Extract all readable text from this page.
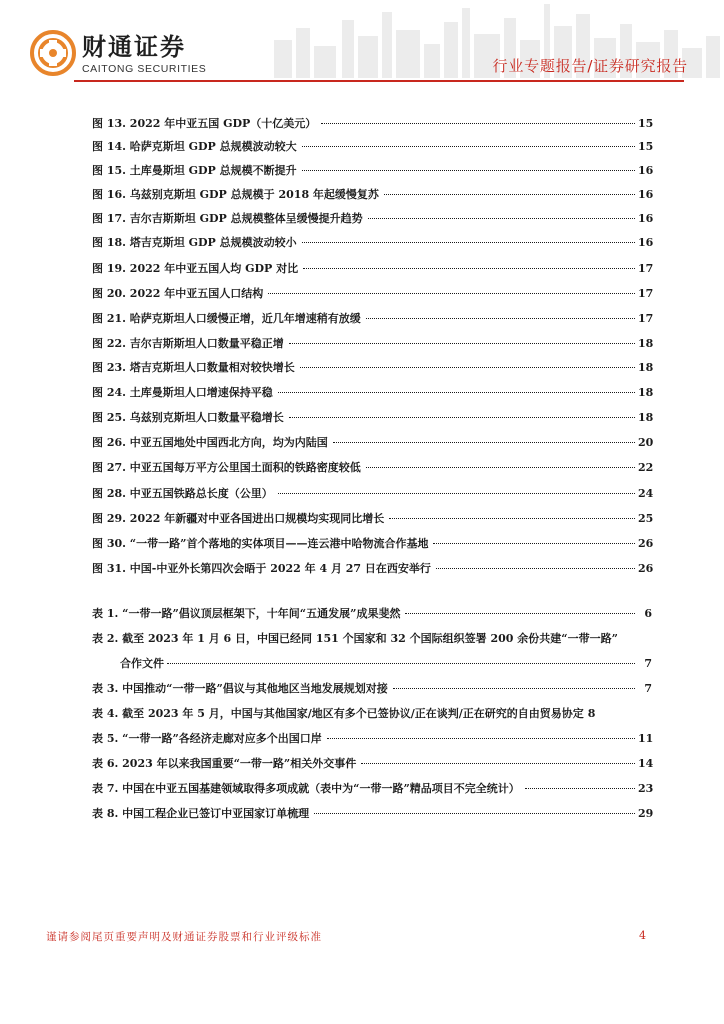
财通证券
CAITONG SECURITIES	行业专题报告/证券研究报告
图 13. 2022 年中亚五国 GDP（十亿美元）	15
图 14. 哈萨克斯坦 GDP 总规模波动较大	15
图 15. 土库曼斯坦 GDP 总规模不断提升	16
图 16. 乌兹别克斯坦 GDP 总规模于 2018 年起缓慢复苏	16
图 17. 吉尔吉斯斯坦 GDP 总规模整体呈缓慢提升趋势	16
图 18. 塔吉克斯坦 GDP 总规模波动较小	16
图 19. 2022 年中亚五国人均 GDP 对比	17
图 20. 2022 年中亚五国人口结构	17
图 21. 哈萨克斯坦人口缓慢正增，近几年增速稍有放缓	17
图 22. 吉尔吉斯斯坦人口数量平稳正增	18
图 23. 塔吉克斯坦人口数量相对较快增长	18
图 24. 土库曼斯坦人口增速保持平稳	18
图 25. 乌兹别克斯坦人口数量平稳增长	18
图 26. 中亚五国地处中国西北方向，均为内陆国	20
图 27. 中亚五国每万平方公里国土面积的铁路密度较低	22
图 28. 中亚五国铁路总长度（公里）	24
图 29. 2022 年新疆对中亚各国进出口规模均实现同比增长	25
图 30. “一带一路”首个落地的实体项目——连云港中哈物流合作基地	26
图 31. 中国-中亚外长第四次会晤于 2022 年 4 月 27 日在西安举行	26
表 1. “一带一路”倡议顶层框架下，十年间“五通发展”成果斐然	6
表 2. 截至 2023 年 1 月 6 日，中国已经同 151 个国家和 32 个国际组织签署 200 余份共建“一带一路”
合作文件	7
表 3. 中国推动“一带一路”倡议与其他地区当地发展规划对接	7
表 4. 截至 2023 年 5 月，中国与其他国家/地区有多个已签协议/正在谈判/正在研究的自由贸易协定 8
表 5. “一带一路”各经济走廊对应多个出国口岸	11
表 6. 2023 年以来我国重要“一带一路”相关外交事件	14
表 7. 中国在中亚五国基建领域取得多项成就（表中为“一带一路”精品项目不完全统计）	23
表 8. 中国工程企业已签订中亚国家订单梳理	29
谨请参阅尾页重要声明及财通证券股票和行业评级标准	4
